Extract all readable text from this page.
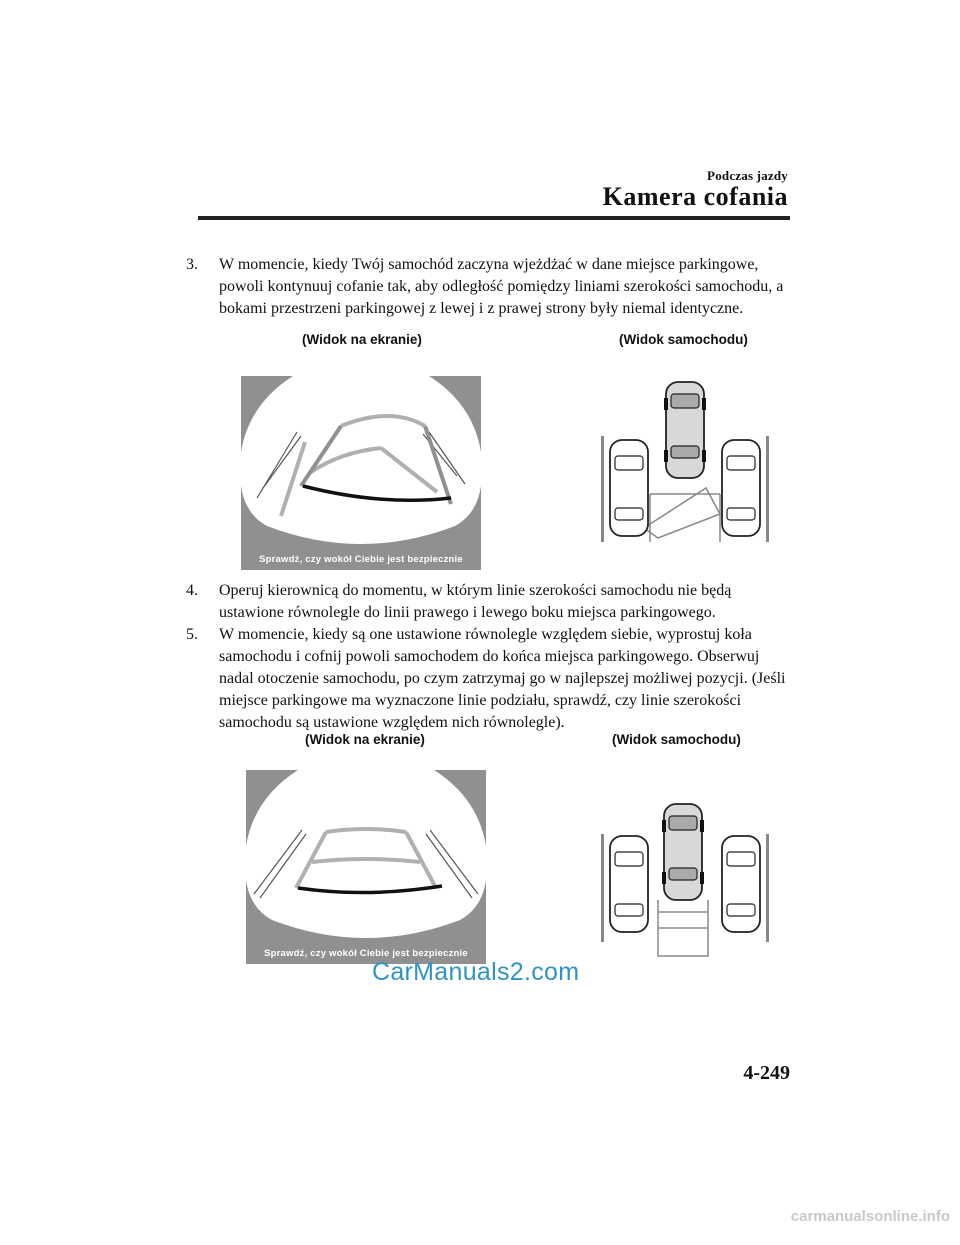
Podczas jazdy
Kamera cofania
3.	W momencie, kiedy Twój samochód zaczyna wjeżdżać w dane miejsce parkingowe, powoli kontynuuj cofanie tak, aby odległość pomiędzy liniami szerokości samochodu, a bokami przestrzeni parkingowej z lewej i z prawej strony były niemal identyczne.
(Widok na ekranie)	(Widok samochodu)
Sprawdź, czy wokół Ciebie jest bezpiecznie
4.	Operuj kierownicą do momentu, w którym linie szerokości samochodu nie będą ustawione równolegle do linii prawego i lewego boku miejsca parkingowego.
5.	W momencie, kiedy są one ustawione równolegle względem siebie, wyprostuj koła samochodu i cofnij powoli samochodem do końca miejsca parkingowego. Obserwuj nadal otoczenie samochodu, po czym zatrzymaj go w najlepszej możliwej pozycji. (Jeśli miejsce parkingowe ma wyznaczone linie podziału, sprawdź, czy linie szerokości samochodu są ustawione względem nich równolegle).
(Widok na ekranie)	(Widok samochodu)
Sprawdź, czy wokół Ciebie jest bezpiecznie
CarManuals2.com
4-249
carmanualsonline.info
